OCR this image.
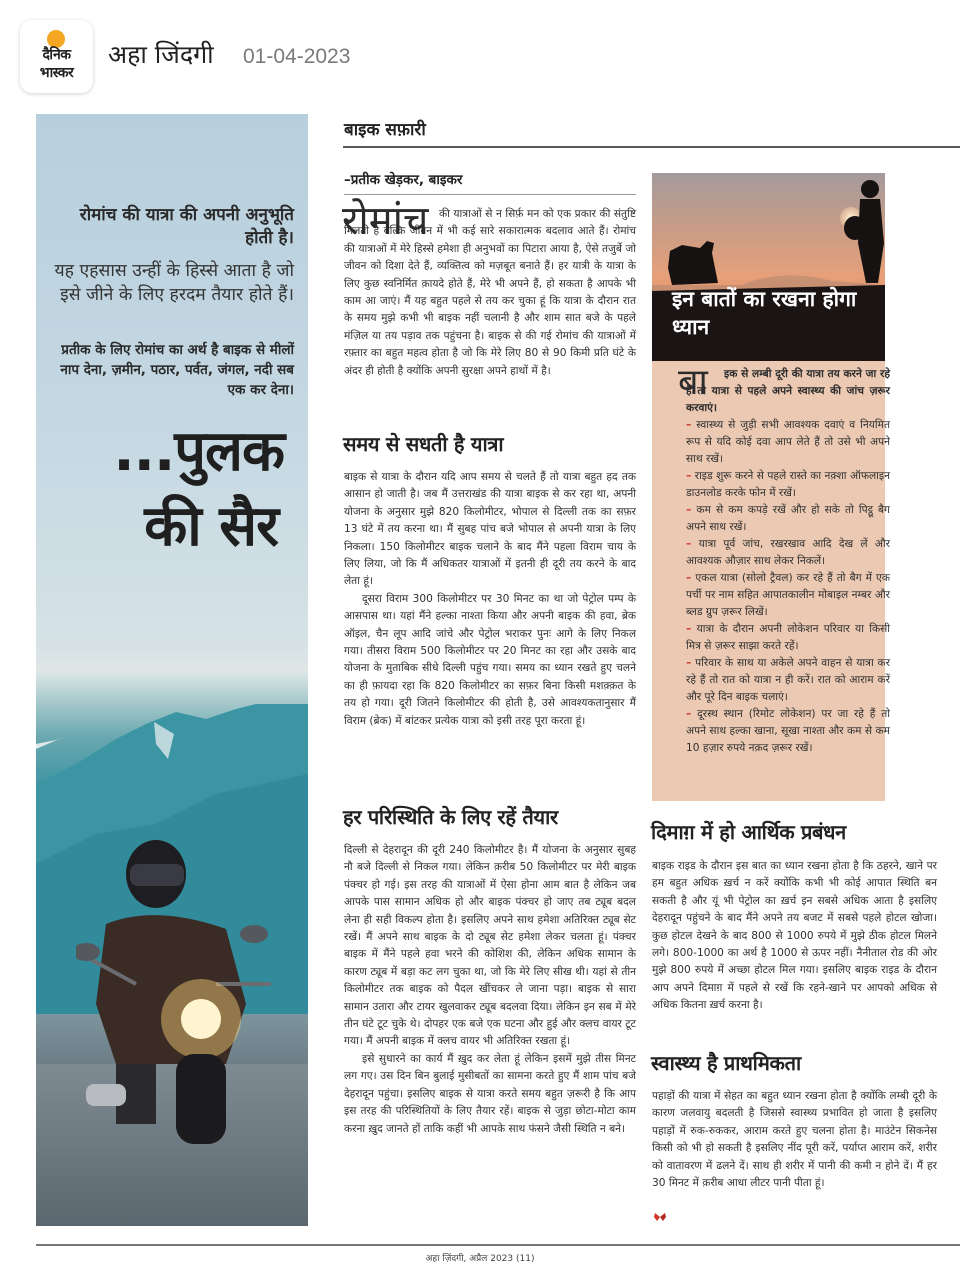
दैनिक
भास्कर
अहा जिंदगी 01-04-2023
रोमांच की यात्रा की अपनी अनुभूति होती है।
यह एहसास उन्हीं के हिस्से आता है जो इसे जीने के लिए हरदम तैयार होते हैं।
प्रतीक के लिए रोमांच का अर्थ है बाइक से मीलों नाप देना, ज़मीन, पठार, पर्वत, जंगल, नदी सब एक कर देना।
...पुलक
की सैर
बाइक सफ़ारी
–प्रतीक खेड़कर, बाइकर
रोमांच की यात्राओं से न सिर्फ़ मन को एक प्रकार की संतुष्टि मिलती है बल्कि जीवन में भी कई सारे सकारात्मक बदलाव आते हैं। रोमांच की यात्राओं में मेरे हिस्से हमेशा ही अनुभवों का पिटारा आया है, ऐसे तजुर्बे जो जीवन को दिशा देते हैं, व्यक्तित्व को मज़बूत बनाते हैं। हर यात्री के यात्रा के लिए कुछ स्वनिर्मित क़ायदे होते हैं, मेरे भी अपने हैं, हो सकता है आपके भी काम आ जाएं। मैं यह बहुत पहले से तय कर चुका हूं कि यात्रा के दौरान रात के समय मुझे कभी भी बाइक नहीं चलानी है और शाम सात बजे के पहले मंज़िल या तय पड़ाव तक पहुंचना है। बाइक से की गई रोमांच की यात्राओं में रफ़्तार का बहुत महत्व होता है जो कि मेरे लिए 80 से 90 किमी प्रति घंटे के अंदर ही होती है क्योंकि अपनी सुरक्षा अपने हाथों में है।

समय से सधती है यात्रा

बाइक से यात्रा के दौरान यदि आप समय से चलते हैं तो यात्रा बहुत हद तक आसान हो जाती है। जब मैं उत्तराखंड की यात्रा बाइक से कर रहा था, अपनी योजना के अनुसार मुझे 820 किलोमीटर, भोपाल से दिल्ली तक का सफ़र 13 घंटे में तय करना था। मैं सुबह पांच बजे भोपाल से अपनी यात्रा के लिए निकला। 150 किलोमीटर बाइक चलाने के बाद मैंने पहला विराम चाय के लिए लिया, जो कि मैं अधिकतर यात्राओं में इतनी ही दूरी तय करने के बाद लेता हूं।

दूसरा विराम 300 किलोमीटर पर 30 मिनट का था जो पेट्रोल पम्प के आसपास था। यहां मैंने हल्का नाश्ता किया और अपनी बाइक की हवा, ब्रेक ऑइल, चैन लूप आदि जांचे और पेट्रोल भराकर पुनः आगे के लिए निकल गया। तीसरा विराम 500 किलोमीटर पर 20 मिनट का रहा और उसके बाद योजना के मुताबिक सीधे दिल्ली पहुंच गया। समय का ध्यान रखते हुए चलने का ही फ़ायदा रहा कि 820 किलोमीटर का सफ़र बिना किसी मशक़्क़त के तय हो गया। दूरी जितने किलोमीटर की होती है, उसे आवश्यकतानुसार मैं विराम (ब्रेक) में बांटकर प्रत्येक यात्रा को इसी तरह पूरा करता हूं।

हर परिस्थिति के लिए रहें तैयार

दिल्ली से देहरादून की दूरी 240 किलोमीटर है। मैं योजना के अनुसार सुबह नौ बजे दिल्ली से निकल गया। लेकिन क़रीब 50 किलोमीटर पर मेरी बाइक पंक्चर हो गई। इस तरह की यात्राओं में ऐसा होना आम बात है लेकिन जब आपके पास सामान अधिक हो और बाइक पंक्चर हो जाए तब ट्यूब बदल लेना ही सही विकल्प होता है। इसलिए अपने साथ हमेशा अतिरिक्त ट्यूब सेट रखें। मैं अपने साथ बाइक के दो ट्यूब सेट हमेशा लेकर चलता हूं। पंक्चर बाइक में मैंने पहले हवा भरने की कोशिश की, लेकिन अधिक सामान के कारण ट्यूब में बड़ा कट लग चुका था, जो कि मेरे लिए सीख थी। यहां से तीन किलोमीटर तक बाइक को पैदल खींचकर ले जाना पड़ा। बाइक से सारा सामान उतारा और टायर खुलवाकर ट्यूब बदलवा दिया। लेकिन इन सब में मेरे तीन घंटे टूट चुके थे। दोपहर एक बजे एक घटना और हुई और क्लच वायर टूट गया। मैं अपनी बाइक में क्लच वायर भी अतिरिक्त रखता हूं।

इसे सुधारने का कार्य मैं ख़ुद कर लेता हूं लेकिन इसमें मुझे तीस मिनट लग गए। उस दिन बिन बुलाई मुसीबतों का सामना करते हुए मैं शाम पांच बजे देहरादून पहुंचा। इसलिए बाइक से यात्रा करते समय बहुत ज़रूरी है कि आप इस तरह की परिस्थितियों के लिए तैयार रहें। बाइक से जुड़ा छोटा-मोटा काम करना ख़ुद जानते हों ताकि कहीं भी आपके साथ फंसने जैसी स्थिति न बने।

इन बातों का रखना होगा ध्यान
बा	इक से लम्बी दूरी की यात्रा तय करने जा रहे हैं तो यात्रा से पहले अपने स्वास्थ्य की जांच ज़रूर करवाएं।

– स्वास्थ्य से जुड़ी सभी आवश्यक दवाएं व नियमित रूप से यदि कोई दवा आप लेते हैं तो उसे भी अपने साथ रखें।
– राइड शुरू करने से पहले रास्ते का नक़्शा ऑफलाइन डाउनलोड करके फोन में रखें।
– कम से कम कपड़े रखें और हो सके तो पिट्ठू बैग अपने साथ रखें।
– यात्रा पूर्व जांच, रखरखाव आदि देख लें और आवश्यक औज़ार साथ लेकर निकलें।
– एकल यात्रा (सोलो ट्रैवल) कर रहे हैं तो बैग में एक पर्ची पर नाम सहित आपातकालीन मोबाइल नम्बर और ब्लड ग्रुप ज़रूर लिखें।
– यात्रा के दौरान अपनी लोकेशन परिवार या किसी मित्र से ज़रूर साझा करते रहें।
– परिवार के साथ या अकेले अपने वाहन से यात्रा कर रहे हैं तो रात को यात्रा न ही करें। रात को आराम करें और पूरे दिन बाइक चलाएं।
– दूरस्थ स्थान (रिमोट लोकेशन) पर जा रहे हैं तो अपने साथ हल्का खाना, सूखा नाश्ता और कम से कम 10 हज़ार रुपये नक़द ज़रूर रखें।
दिमाग़ में हो आर्थिक प्रबंधन

बाइक राइड के दौरान इस बात का ध्यान रखना होता है कि ठहरने, खाने पर हम बहुत अधिक ख़र्च न करें क्योंकि कभी भी कोई आपात स्थिति बन सकती है और यूं भी पेट्रोल का ख़र्च इन सबसे अधिक आता है इसलिए देहरादून पहुंचने के बाद मैंने अपने तय बजट में सबसे पहले होटल खोजा। कुछ होटल देखने के बाद 800 से 1000 रुपये में मुझे ठीक होटल मिलने लगे। 800-1000 का अर्थ है 1000 से ऊपर नहीं। नैनीताल रोड की ओर मुझे 800 रुपये में अच्छा होटल मिल गया। इसलिए बाइक राइड के दौरान आप अपने दिमाग़ में पहले से रखें कि रहने-खाने पर आपको अधिक से अधिक कितना ख़र्च करना है।

स्वास्थ्य है प्राथमिकता

पहाड़ों की यात्रा में सेहत का बहुत ध्यान रखना होता है क्योंकि लम्बी दूरी के कारण जलवायु बदलती है जिससे स्वास्थ्य प्रभावित हो जाता है इसलिए पहाड़ों में रुक-रुककर, आराम करते हुए चलना होता है। माउंटेन सिकनेस किसी को भी हो सकती है इसलिए नींद पूरी करें, पर्याप्त आराम करें, शरीर को वातावरण में ढलने दें। साथ ही शरीर में पानी की कमी न होने दें। मैं हर 30 मिनट में क़रीब आधा लीटर पानी पीता हूं।

अहा ज़िंदगी, अप्रैल 2023 (11)
